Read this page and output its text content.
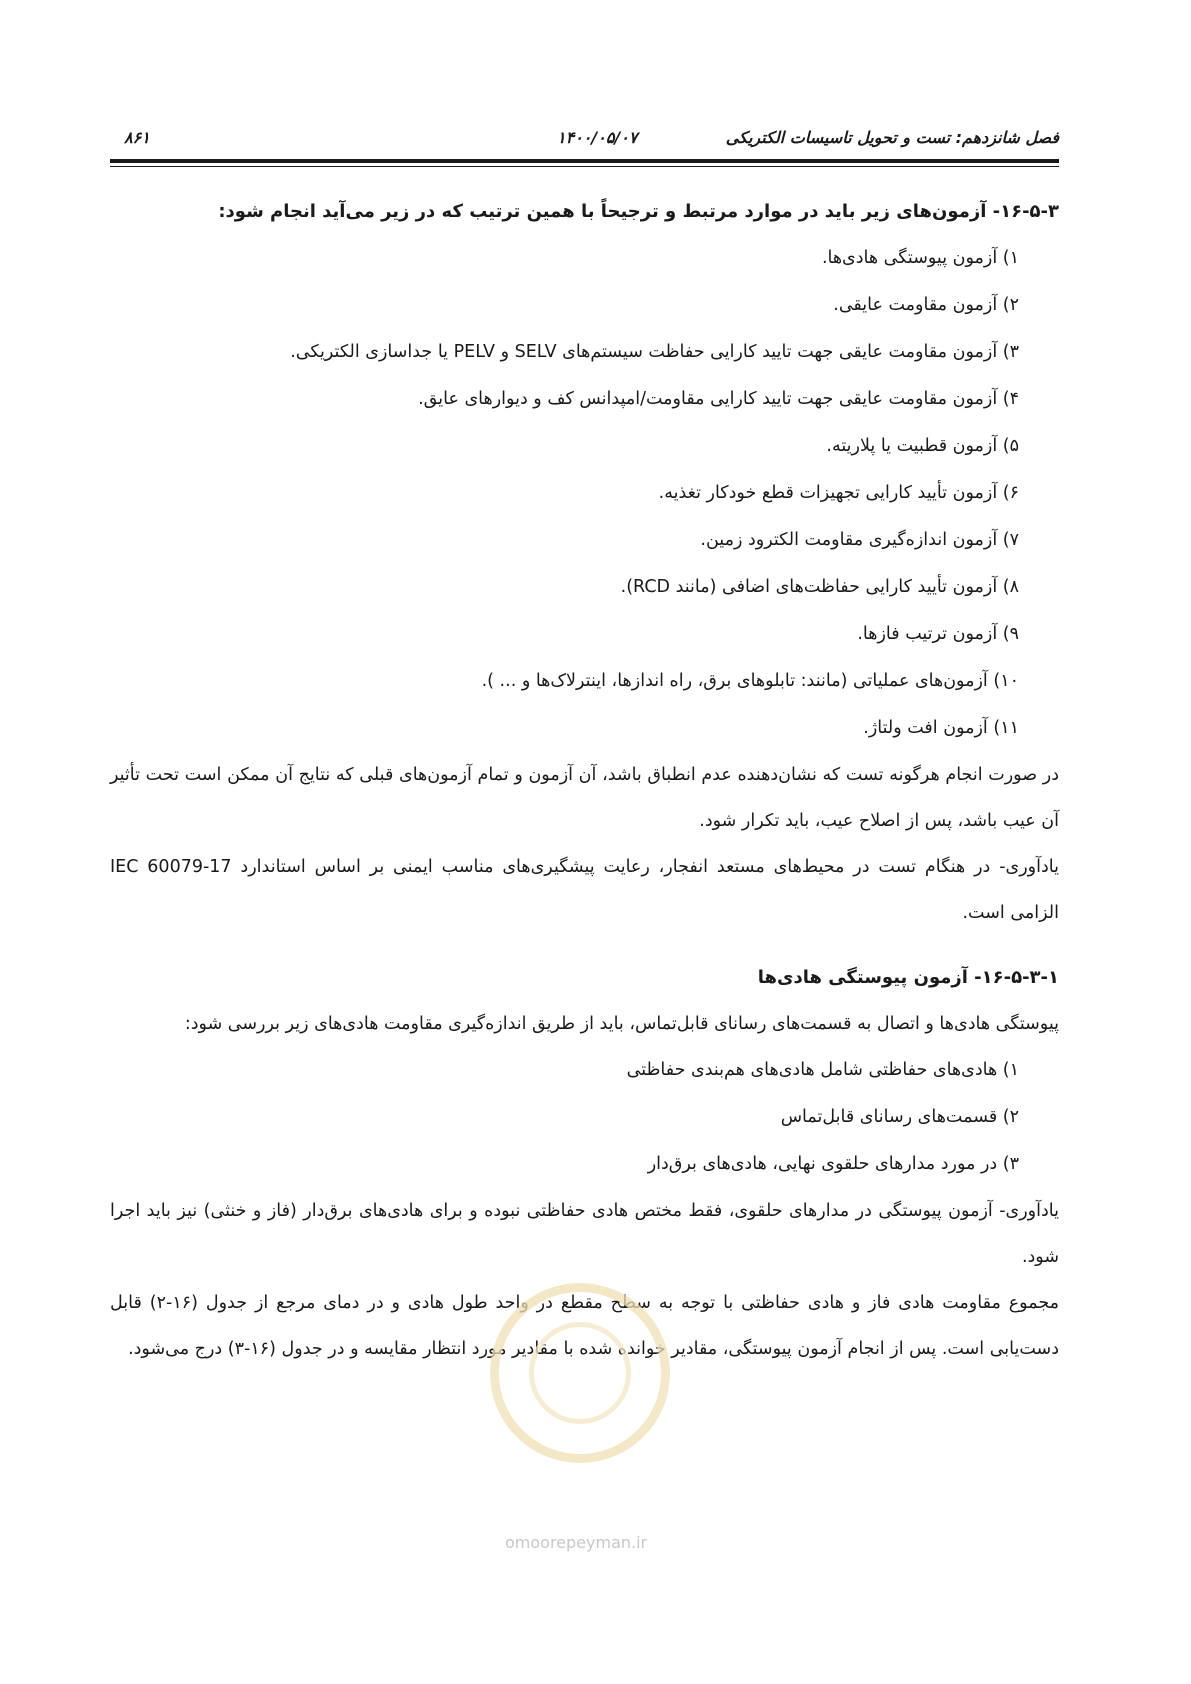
فصل شانزدهم: تست و تحویل تاسیسات الکتریکی
۱۴۰۰/۰۵/۰۷
۸۶۱
۱۶-۵-۳- آزمون‌های زیر باید در موارد مرتبط و ترجیحاً با همین ترتیب که در زیر می‌آید انجام شود:
۱) آزمون پیوستگی هادی‌ها.
۲) آزمون مقاومت عایقی.
۳) آزمون مقاومت عایقی جهت تایید کارایی حفاظت سیستم‌های SELV و PELV یا جداسازی الکتریکی.
۴) آزمون مقاومت عایقی جهت تایید کارایی مقاومت/امپدانس کف و دیوارهای عایق.
۵) آزمون قطبیت یا پلاریته.
۶) آزمون تأیید کارایی تجهیزات قطع خودکار تغذیه.
۷) آزمون اندازه‌گیری مقاومت الکترود زمین.
۸) آزمون تأیید کارایی حفاظت‌های اضافی (مانند RCD).
۹) آزمون ترتیب فازها.
۱۰) آزمون‌های عملیاتی (مانند: تابلوهای برق، راه اندازها، اینترلاک‌ها و ... ).
۱۱) آزمون افت ولتاژ.
در صورت انجام هرگونه تست که نشان‌دهنده عدم انطباق باشد، آن آزمون و تمام آزمون‌های قبلی که نتایج آن ممکن است تحت تأثیر آن عیب باشد، پس از اصلاح عیب، باید تکرار شود.
یادآوری- در هنگام تست در محیط‌های مستعد انفجار، رعایت پیشگیری‌های مناسب ایمنی بر اساس استاندارد IEC 60079-17 الزامی است.
۱۶-۵-۳-۱- آزمون پیوستگی هادی‌ها
پیوستگی هادی‌ها و اتصال به قسمت‌های رسانای قابل‌تماس، باید از طریق اندازه‌گیری مقاومت هادی‌های زیر بررسی شود:
۱) هادی‌های حفاظتی شامل هادی‌های هم‌بندی حفاظتی
۲) قسمت‌های رسانای قابل‌تماس
۳) در مورد مدارهای حلقوی نهایی، هادی‌های برق‌دار
یادآوری- آزمون پیوستگی در مدارهای حلقوی، فقط مختص هادی حفاظتی نبوده و برای هادی‌های برق‌دار (فاز و خنثی) نیز باید اجرا شود.
مجموع مقاومت هادی فاز و هادی حفاظتی با توجه به سطح مقطع در واحد طول هادی و در دمای مرجع از جدول (۱۶-۲) قابل دست‌یابی است. پس از انجام آزمون پیوستگی، مقادیر خوانده شده با مقادیر مورد انتظار مقایسه و در جدول (۱۶-۳) درج می‌شود.
omoorepeyman.ir
